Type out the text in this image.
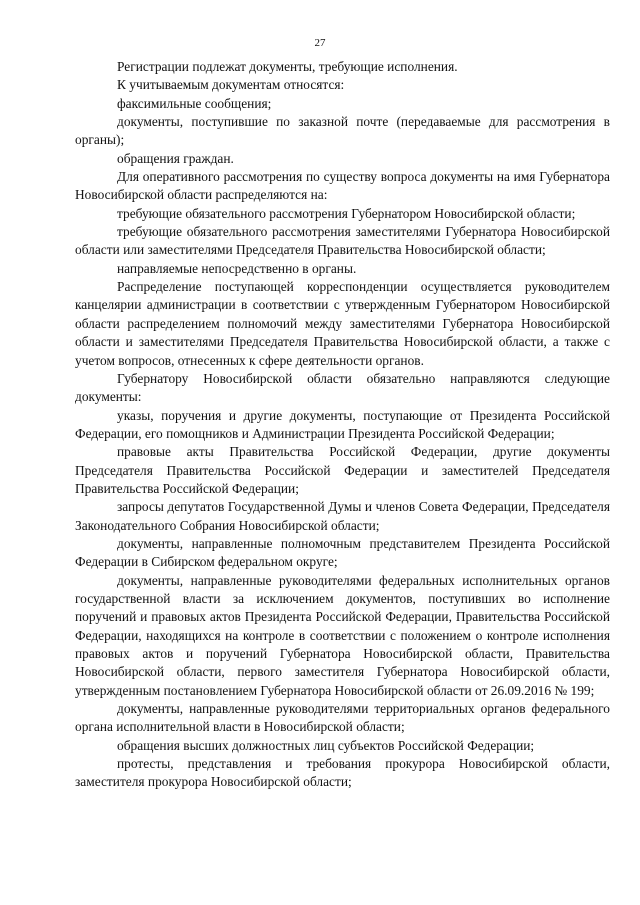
27

Регистрации подлежат документы, требующие исполнения.

К учитываемым документам относятся:

факсимильные сообщения;

документы, поступившие по заказной почте (передаваемые для рассмотрения в органы);

обращения граждан.

Для оперативного рассмотрения по существу вопроса документы на имя Губернатора Новосибирской области распределяются на:

требующие обязательного рассмотрения Губернатором Новосибирской области;

требующие обязательного рассмотрения заместителями Губернатора Новосибирской области или заместителями Председателя Правительства Новосибирской области;

направляемые непосредственно в органы.

Распределение поступающей корреспонденции осуществляется руководителем канцелярии администрации в соответствии с утвержденным Губернатором Новосибирской области распределением полномочий между заместителями Губернатора Новосибирской области и заместителями Председателя Правительства Новосибирской области, а также с учетом вопросов, отнесенных к сфере деятельности органов.

Губернатору Новосибирской области обязательно направляются следующие документы:

указы, поручения и другие документы, поступающие от Президента Российской Федерации, его помощников и Администрации Президента Российской Федерации;

правовые акты Правительства Российской Федерации, другие документы Председателя Правительства Российской Федерации и заместителей Председателя Правительства Российской Федерации;

запросы депутатов Государственной Думы и членов Совета Федерации, Председателя Законодательного Собрания Новосибирской области;

документы, направленные полномочным представителем Президента Российской Федерации в Сибирском федеральном округе;

документы, направленные руководителями федеральных исполнительных органов государственной власти за исключением документов, поступивших во исполнение поручений и правовых актов Президента Российской Федерации, Правительства Российской Федерации, находящихся на контроле в соответствии с положением о контроле исполнения правовых актов и поручений Губернатора Новосибирской области, Правительства Новосибирской области, первого заместителя Губернатора Новосибирской области, утвержденным постановлением Губернатора Новосибирской области от 26.09.2016 № 199;

документы, направленные руководителями территориальных органов федерального органа исполнительной власти в Новосибирской области;

обращения высших должностных лиц субъектов Российской Федерации;

протесты, представления и требования прокурора Новосибирской области, заместителя прокурора Новосибирской области;
